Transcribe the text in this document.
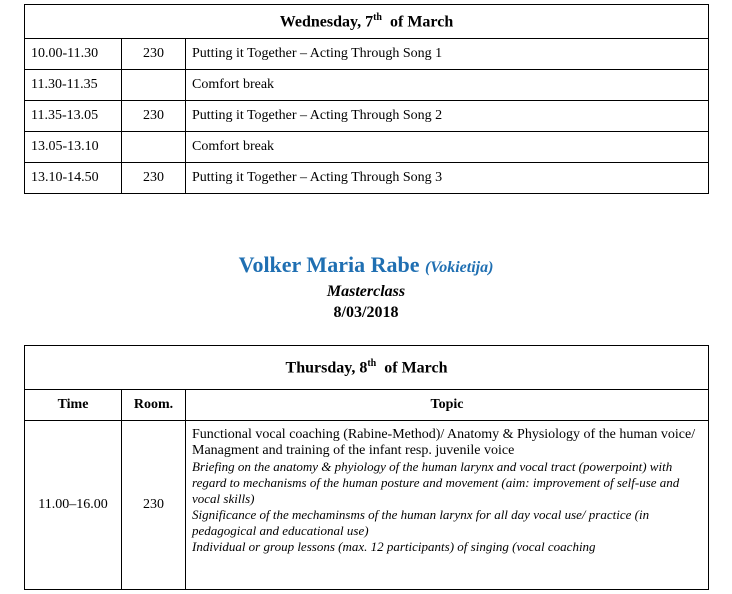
Wednesday, 7th  of March		
10.00-11.30	230	Putting it Together – Acting Through Song 1
11.30-11.35		Comfort break
11.35-13.05	230	Putting it Together – Acting Through Song 2
13.05-13.10		Comfort break
13.10-14.50	230	Putting it Together – Acting Through Song 3
Volker Maria Rabe (Vokietija)
Masterclass
8/03/2018
Thursday, 8th  of March		
Time	Room.	Topic
11.00–16.00	230	Functional vocal coaching (Rabine-Method)/ Anatomy & Physiology of the human voice/ Managment and training of the infant resp. juvenile voice
Briefing on the anatomy & phyiology of the human larynx and vocal tract (powerpoint) with regard to mechanisms of the human posture and movement (aim: improvement of self-use and vocal skills)
Significance of the mechaminsms of the human larynx for all day vocal use/ practice (in pedagogical and educational use)
Individual or group lessons (max. 12 participants) of singing (vocal coaching
